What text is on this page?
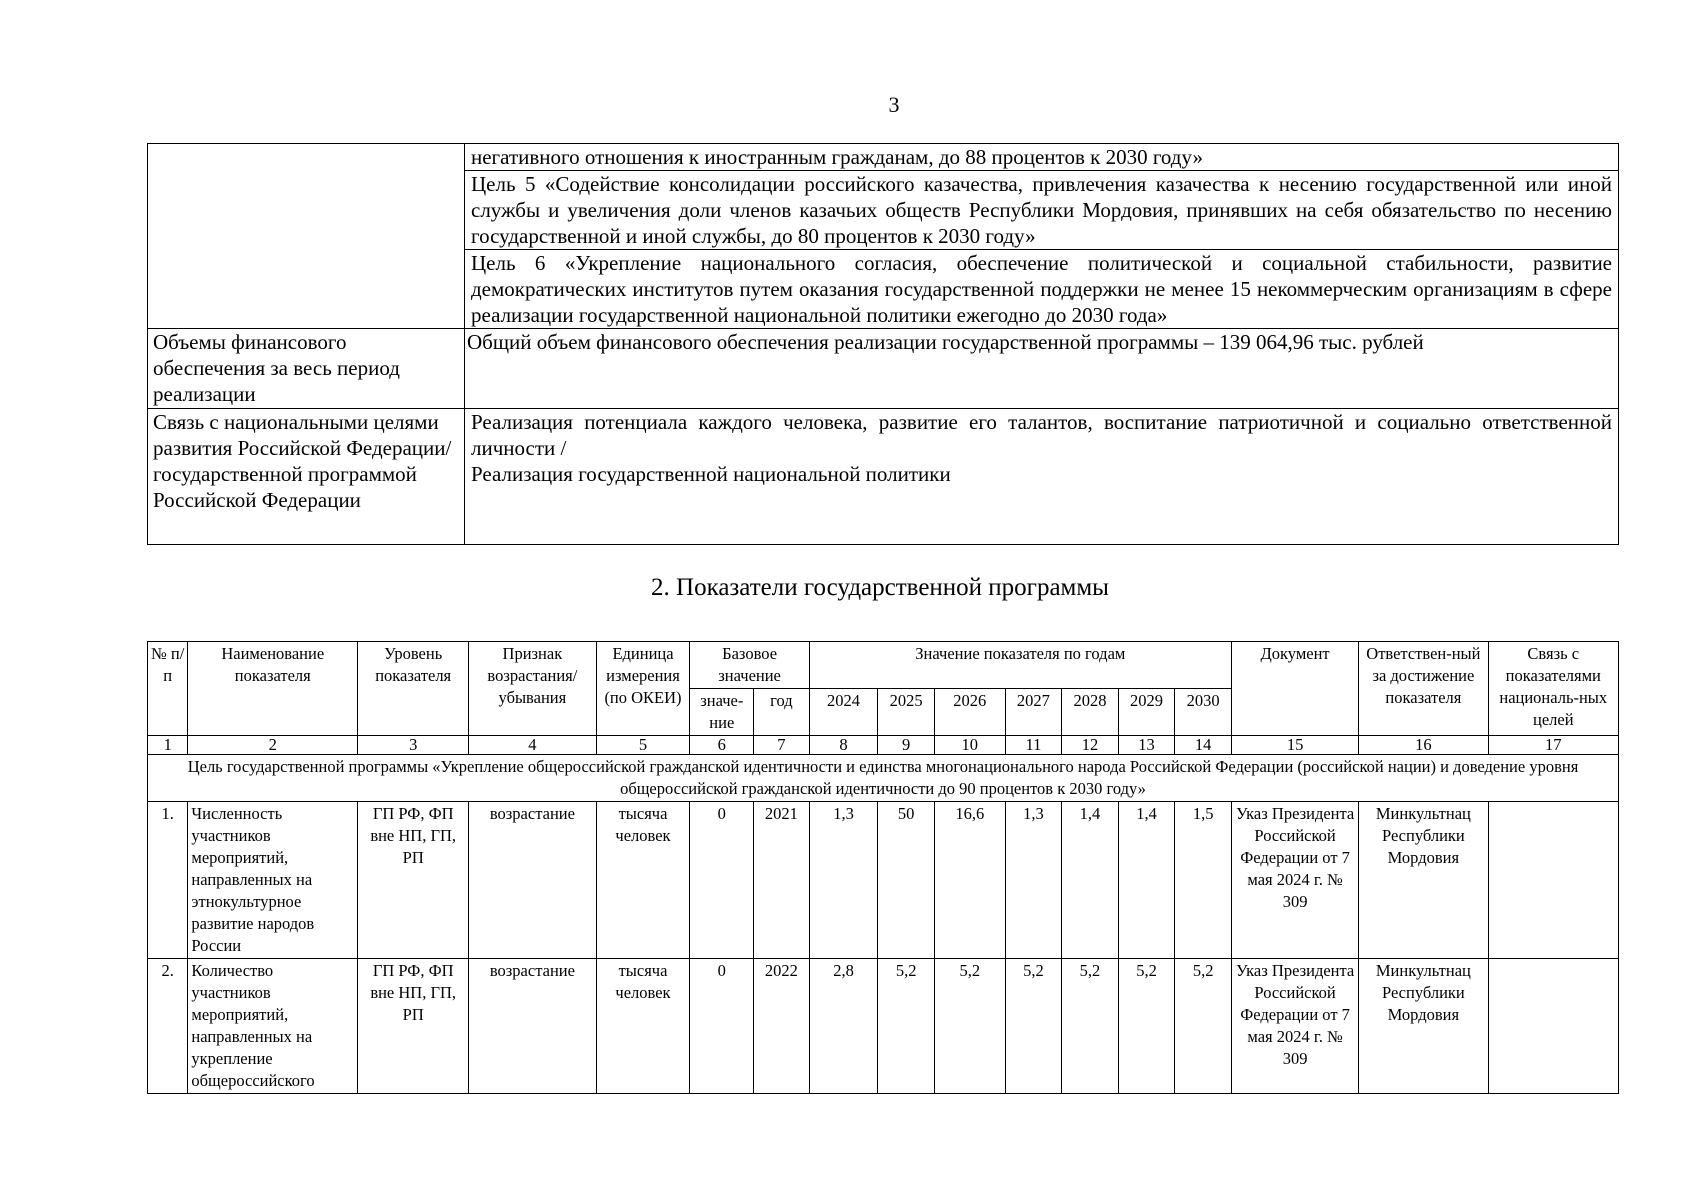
3
	негативного отношения к иностранным гражданам, до 88 процентов к 2030 году»
	Цель 5 «Содействие консолидации российского казачества, привлечения казачества к несению государственной или иной службы и увеличения доли членов казачьих обществ Республики Мордовия, принявших на себя обязательство по несению государственной и иной службы, до 80 процентов к 2030 году»
	Цель 6 «Укрепление национального согласия, обеспечение политической и социальной стабильности, развитие демократических институтов путем оказания государственной поддержки не менее 15 некоммерческим организациям в сфере реализации государственной национальной политики ежегодно до 2030 года»
Объемы финансового обеспечения за весь период реализации	Общий объем финансового обеспечения реализации государственной программы – 139 064,96 тыс. рублей
Связь с национальными целями развития Российской Федерации/ государственной программой Российской Федерации	Реализация потенциала каждого человека, развитие его талантов, воспитание патриотичной и социально ответственной личности /
Реализация государственной национальной политики
2. Показатели государственной программы
№ п/п	Наименование показателя	Уровень показателя	Признак возрастания/ убывания	Единица измерения (по ОКЕИ)	Базовое значение		Значение показателя по годам							Документ	Ответствен-ный за достижение показателя	Связь с показателями националь-ных целей
					значе-ние	год	2024	2025	2026	2027	2028	2029	2030			
1	2	3	4	5	6	7	8	9	10	11	12	13	14	15	16	17
Цель государственной программы «Укрепление общероссийской гражданской идентичности и единства многонационального народа Российской Федерации (российской нации) и доведение уровня общероссийской гражданской идентичности до 90 процентов к 2030 году»																
1.	Численность участников мероприятий, направленных на этнокультурное развитие народов России	ГП РФ, ФП вне НП, ГП, РП	возрастание	тысяча человек	0	2021	1,3	50	16,6	1,3	1,4	1,4	1,5	Указ Президента Российской Федерации от 7 мая 2024 г. № 309	Минкультнац Республики Мордовия	
2.	Количество участников мероприятий, направленных на укрепление общероссийского	ГП РФ, ФП вне НП, ГП, РП	возрастание	тысяча человек	0	2022	2,8	5,2	5,2	5,2	5,2	5,2	5,2	Указ Президента Российской Федерации от 7 мая 2024 г. № 309	Минкультнац Республики Мордовия	
